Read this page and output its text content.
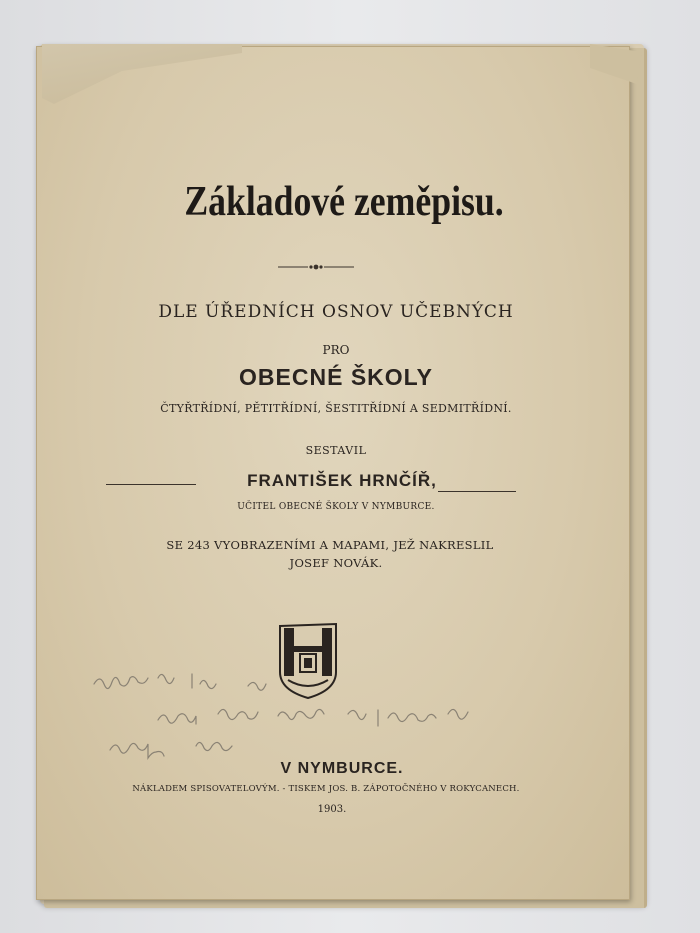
Základové zeměpisu.
DLE ÚŘEDNÍCH OSNOV UČEBNÝCH
PRO
OBECNÉ ŠKOLY
ČTYŘTŘÍDNÍ, PĚTITŘÍDNÍ, ŠESTITŘÍDNÍ A SEDMITŘÍDNÍ.
SESTAVIL
FRANTIŠEK HRNČÍŘ,
UČITEL OBECNÉ ŠKOLY V NYMBURCE.
SE 243 VYOBRAZENÍMI A MAPAMI, JEŽ NAKRESLIL
JOSEF NOVÁK.
V NYMBURCE.
NÁKLADEM SPISOVATELOVÝM. - TISKEM JOS. B. ZÁPOTOČNÉHO V ROKYCANECH.
1903.
